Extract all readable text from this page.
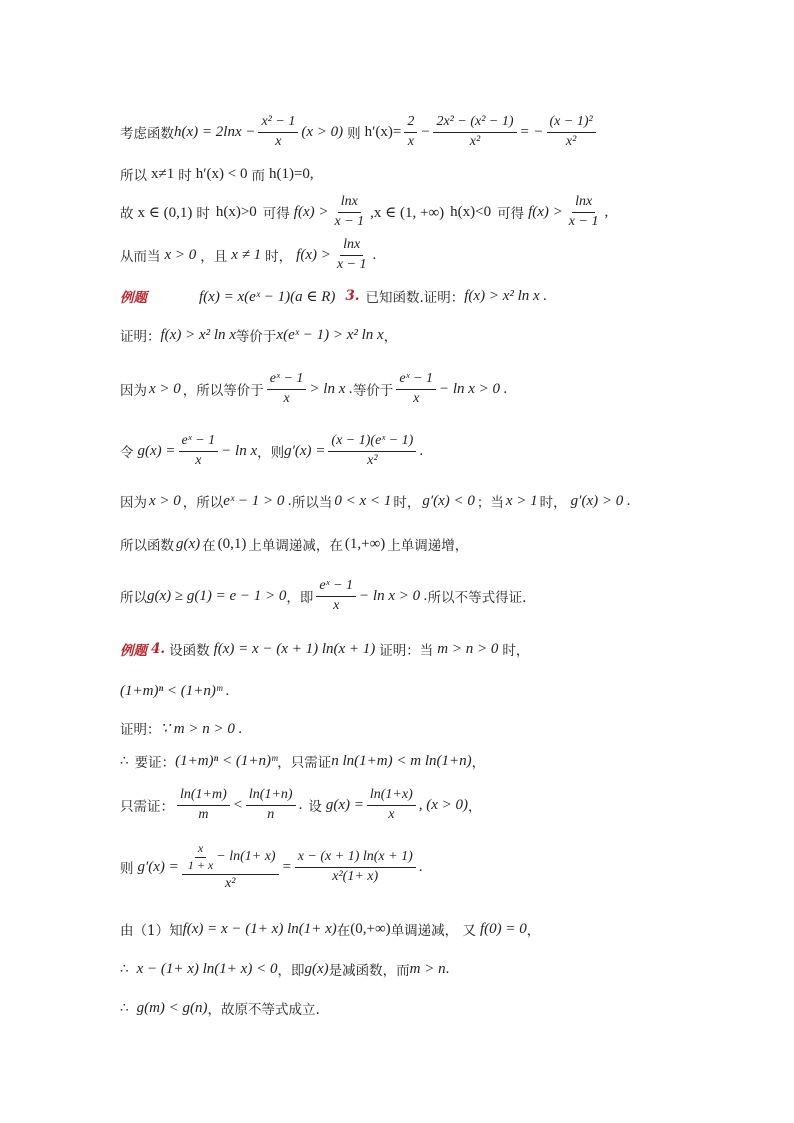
考虑函数 $h(x) = 2\ln x - \frac{\text{x² − 1}}{x} (x > 0)$ 则 $h'(x)= \frac{2}{x} - \frac{\text{2x² − (x² − 1)}}{\text{x²}}$ = − $\frac{\text{(x − 1)²}}{\text{x²}}$
所以 x≠1 时 h′(x) < 0 而 h(1)=0,
故 x ∈ (0,1) 时 h(x)>0 可得 $f(x) > \frac{\ln x}{x - 1} ,x$ ∈ (1, +∞) h(x)<0 可得 $f(x) > \frac{\ln x}{x - 1}$ ,
从而当 x > 0 ，且 x ≠ 1 时， $f(x) > \frac{\ln x}{x - 1}$ .
例题	f(x) = x(eˣ − 1)(a ∈ R) 3. 已知函数.证明： f(x) > x² ln x .
证明： f(x) > x² ln x 等价于 x(eˣ − 1) > x² ln x ，
因为 x > 0 ，所以等价于 $\frac{\text{eˣ − 1}}{x} > \ln x$ . 等价于 $\frac{\text{eˣ − 1}}{x} - \ln x > 0$ .
令 $g(x) = \frac{\text{eˣ − 1}}{x} - \ln x$ ，则 $g'(x) = \frac{\text{(x − 1)(eˣ − 1)}}{\text{x²}}$ .
因为 x > 0 ，所以 eˣ − 1 > 0 . 所以当 0 < x < 1 时， g′(x) < 0 ；当 x > 1 时， g′(x) > 0 .
所以函数 g(x) 在 (0,1) 上单调递减，在 (1,+∞) 上单调递增，
所以 g(x) ≥ g(1) = e − 1 > 0 ，即 $\frac{\text{eˣ − 1}}{x} - \ln x > 0$ . 所以不等式得证.
例题 4. 设函数 f(x) = x − (x + 1) ln(x + 1) 证明：当 m > n > 0 时，
(1+m)ⁿ < (1+n)ᵐ .
证明： ∵ m > n > 0 .
∴ 要证： (1+m)ⁿ < (1+n)ᵐ ，只需证 n ln(1+m) < m ln(1+n) ，
只需证： $\frac{\ln(1+m)}{m} < \frac{\ln(1+n)}{n}$ . 设 $g(x) = \frac{\ln(1+x)}{x}$ , (x > 0) ，
则 $g'(x) = \frac{\frac{x}{1 + x} - \ln(1+ x)}{\text{x²}} = \frac{x - (x + 1) \ln(x + 1)}{\text{x²(1+ x)}}$ .
由（1）知 f(x) = x − (1+ x) ln(1+ x) 在 (0,+∞) 单调递减， 又 f(0) = 0 ，
∴ x − (1+ x) ln(1+ x) < 0 ，即 g(x) 是减函数，而 m > n .
∴ g(m) < g(n) ，故原不等式成立.
